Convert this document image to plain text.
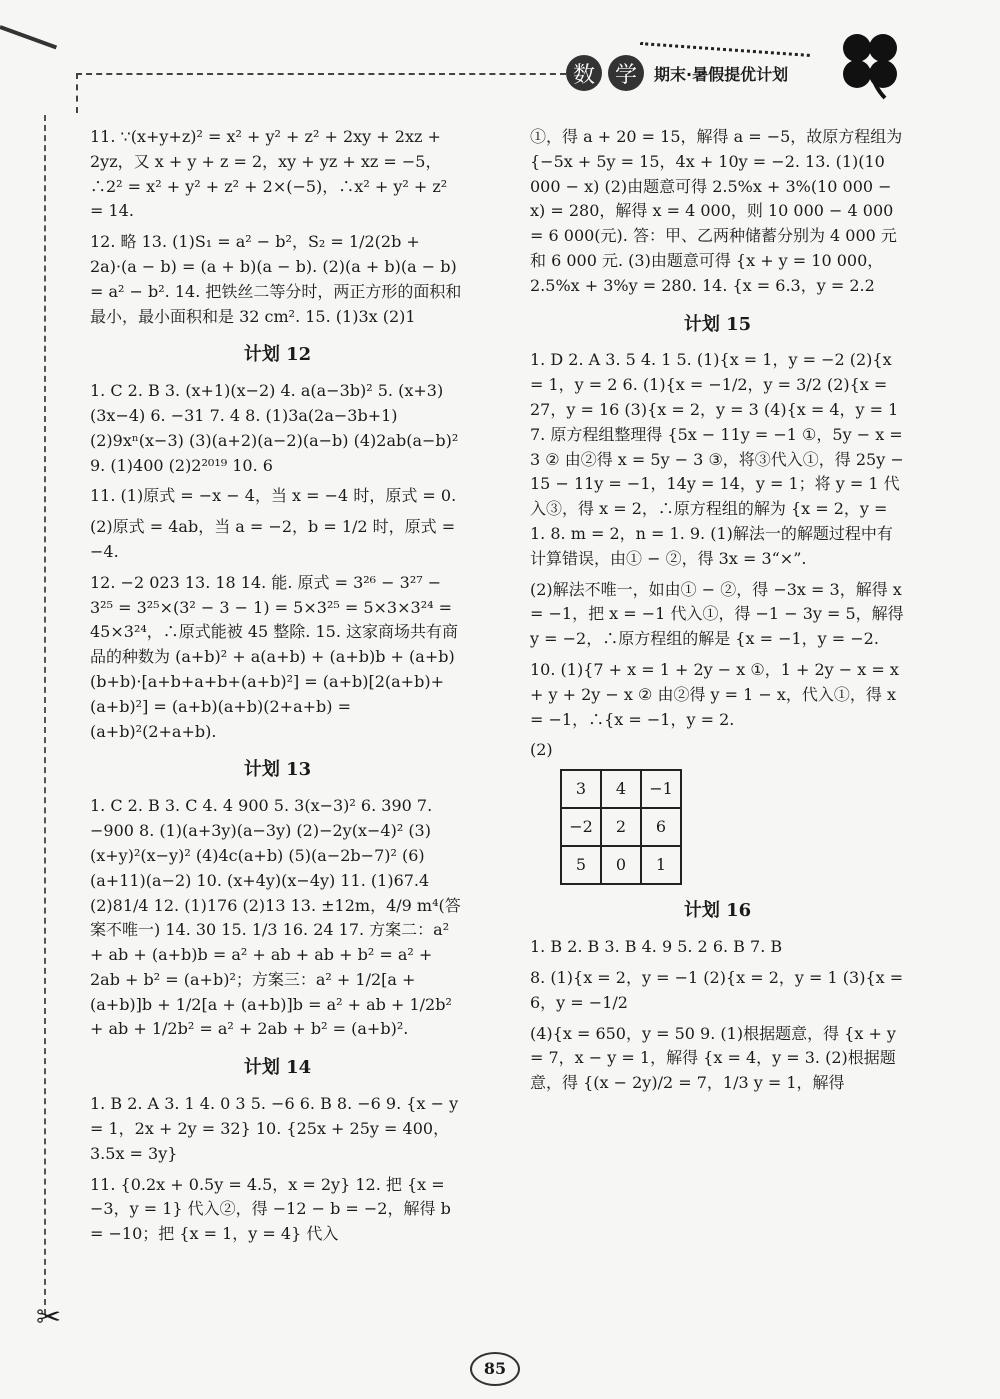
✂
数 学	期末·暑假提优计划

11. ∵(x+y+z)² = x² + y² + z² + 2xy + 2xz + 2yz，又 x + y + z = 2，xy + yz + xz = −5，∴2² = x² + y² + z² + 2×(−5)，∴x² + y² + z² = 14.

12. 略 13. (1)S₁ = a² − b²，S₂ = 1/2(2b + 2a)·(a − b) = (a + b)(a − b). (2)(a + b)(a − b) = a² − b². 14. 把铁丝二等分时，两正方形的面积和最小，最小面积和是 32 cm². 15. (1)3x (2)1

计划 12

1. C 2. B 3. (x+1)(x−2) 4. a(a−3b)² 5. (x+3)(3x−4) 6. −31 7. 4 8. (1)3a(2a−3b+1) (2)9xⁿ(x−3) (3)(a+2)(a−2)(a−b) (4)2ab(a−b)² 9. (1)400 (2)2²⁰¹⁹ 10. 6

11. (1)原式 = −x − 4，当 x = −4 时，原式 = 0.

(2)原式 = 4ab，当 a = −2，b = 1/2 时，原式 = −4.

12. −2 023 13. 18 14. 能. 原式 = 3²⁶ − 3²⁷ − 3²⁵ = 3²⁵×(3² − 3 − 1) = 5×3²⁵ = 5×3×3²⁴ = 45×3²⁴，∴原式能被 45 整除. 15. 这家商场共有商品的种数为 (a+b)² + a(a+b) + (a+b)b + (a+b)(b+b)·[a+b+a+b+(a+b)²] = (a+b)[2(a+b)+(a+b)²] = (a+b)(a+b)(2+a+b) = (a+b)²(2+a+b).

计划 13

1. C 2. B 3. C 4. 4 900 5. 3(x−3)² 6. 390 7. −900 8. (1)(a+3y)(a−3y) (2)−2y(x−4)² (3)(x+y)²(x−y)² (4)4c(a+b) (5)(a−2b−7)² (6)(a+11)(a−2) 10. (x+4y)(x−4y) 11. (1)67.4 (2)81/4 12. (1)176 (2)13 13. ±12m，4/9 m⁴(答案不唯一) 14. 30 15. 1/3 16. 24 17. 方案二：a² + ab + (a+b)b = a² + ab + ab + b² = a² + 2ab + b² = (a+b)²；方案三：a² + 1/2[a + (a+b)]b + 1/2[a + (a+b)]b = a² + ab + 1/2b² + ab + 1/2b² = a² + 2ab + b² = (a+b)².

计划 14

1. B 2. A 3. 1 4. 0 3 5. −6 6. B 8. −6 9. {x − y = 1，2x + 2y = 32} 10. {25x + 25y = 400，3.5x = 3y}

11. {0.2x + 0.5y = 4.5，x = 2y} 12. 把 {x = −3，y = 1} 代入②，得 −12 − b = −2，解得 b = −10；把 {x = 1，y = 4} 代入

①，得 a + 20 = 15，解得 a = −5，故原方程组为 {−5x + 5y = 15，4x + 10y = −2. 13. (1)(10 000 − x) (2)由题意可得 2.5%x + 3%(10 000 − x) = 280，解得 x = 4 000，则 10 000 − 4 000 = 6 000(元). 答：甲、乙两种储蓄分别为 4 000 元和 6 000 元. (3)由题意可得 {x + y = 10 000，2.5%x + 3%y = 280. 14. {x = 6.3，y = 2.2

计划 15

1. D 2. A 3. 5 4. 1 5. (1){x = 1，y = −2 (2){x = 1，y = 2 6. (1){x = −1/2，y = 3/2 (2){x = 27，y = 16 (3){x = 2，y = 3 (4){x = 4，y = 1 7. 原方程组整理得 {5x − 11y = −1 ①，5y − x = 3 ② 由②得 x = 5y − 3 ③，将③代入①，得 25y − 15 − 11y = −1，14y = 14，y = 1；将 y = 1 代入③，得 x = 2，∴原方程组的解为 {x = 2，y = 1. 8. m = 2，n = 1. 9. (1)解法一的解题过程中有计算错误，由① − ②，得 3x = 3“×”.

(2)解法不唯一，如由① − ②，得 −3x = 3，解得 x = −1，把 x = −1 代入①，得 −1 − 3y = 5，解得 y = −2，∴原方程组的解是 {x = −1，y = −2.

10. (1){7 + x = 1 + 2y − x ①，1 + 2y − x = x + y + 2y − x ② 由②得 y = 1 − x，代入①，得 x = −1，∴{x = −1，y = 2.

(2)

3	4	−1
−2	2	6
5	0	1
计划 16

1. B 2. B 3. B 4. 9 5. 2 6. B 7. B

8. (1){x = 2，y = −1 (2){x = 2，y = 1 (3){x = 6，y = −1/2

(4){x = 650，y = 50 9. (1)根据题意，得 {x + y = 7，x − y = 1，解得 {x = 4，y = 3. (2)根据题意，得 {(x − 2y)/2 = 7，1/3 y = 1，解得

85
